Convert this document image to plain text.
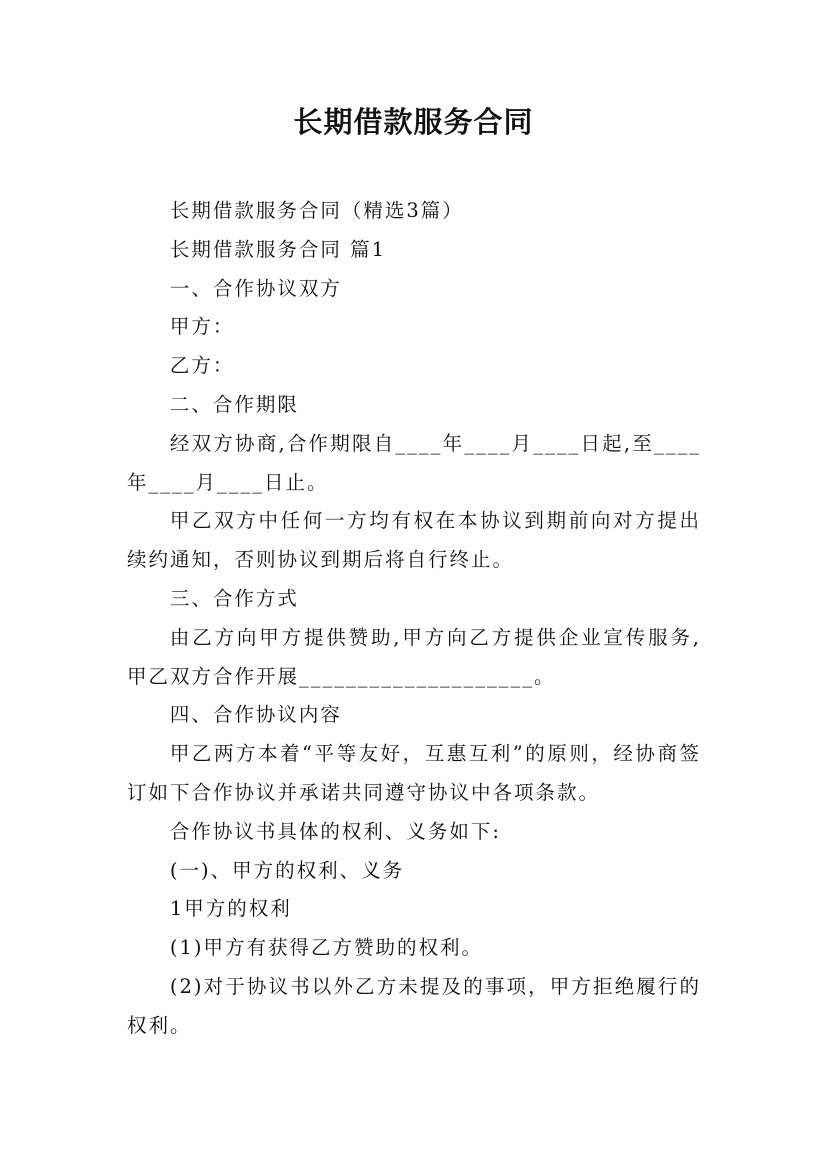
长期借款服务合同

长期借款服务合同（精选3篇）

长期借款服务合同 篇1

一、合作协议双方

甲方：

乙方：

二、合作期限

经双方协商,合作期限自____年____月____日起,至____年____月____日止。

甲乙双方中任何一方均有权在本协议到期前向对方提出续约通知，否则协议到期后将自行终止。

三、合作方式

由乙方向甲方提供赞助,甲方向乙方提供企业宣传服务,甲乙双方合作开展____________________。

四、合作协议内容

甲乙两方本着“平等友好，互惠互利”的原则，经协商签订如下合作协议并承诺共同遵守协议中各项条款。

合作协议书具体的权利、义务如下:

(一)、甲方的权利、义务

1甲方的权利

(1)甲方有获得乙方赞助的权利。

(2)对于协议书以外乙方未提及的事项，甲方拒绝履行的权利。
